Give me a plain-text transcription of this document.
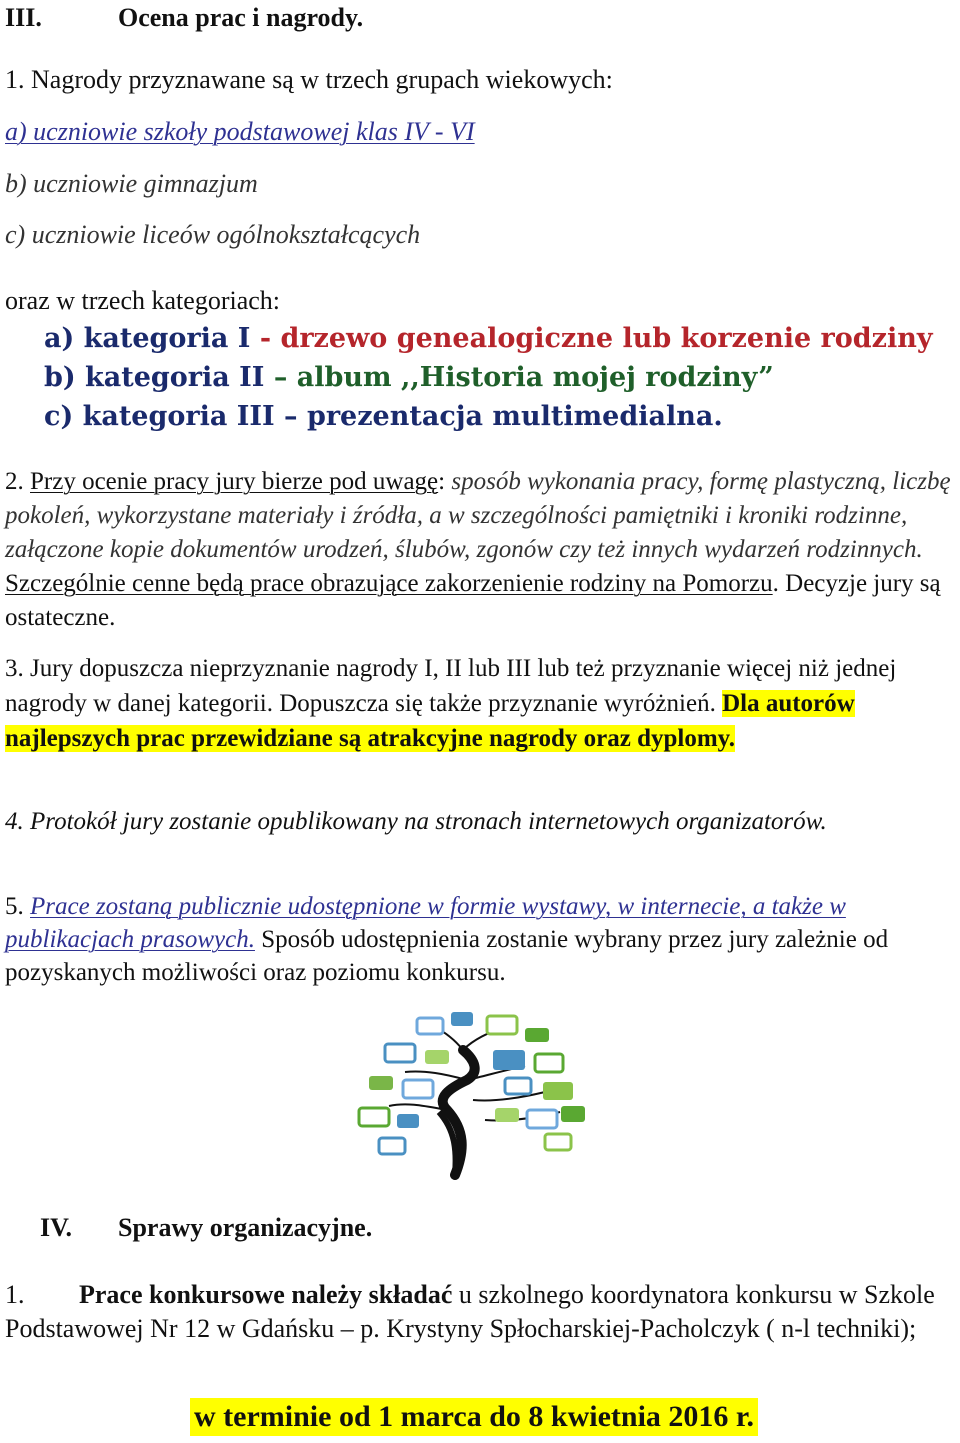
III.	Ocena prac i nagrody.
1. Nagrody przyznawane są w trzech grupach wiekowych:
a) uczniowie szkoły podstawowej klas IV - VI
b) uczniowie gimnazjum
c) uczniowie liceów ogólnokształcących
oraz w trzech kategoriach:
a) kategoria I - drzewo genealogiczne lub korzenie rodziny
b) kategoria II – album ,,Historia mojej rodziny”
c) kategoria III – prezentacja multimedialna.
2. Przy ocenie pracy jury bierze pod uwagę: sposób wykonania pracy, formę plastyczną, liczbę pokoleń, wykorzystane materiały i źródła, a w szczególności pamiętniki i kroniki rodzinne, załączone kopie dokumentów urodzeń, ślubów, zgonów czy też innych wydarzeń rodzinnych. Szczególnie cenne będą prace obrazujące zakorzenienie rodziny na Pomorzu. Decyzje jury są ostateczne.
3. Jury dopuszcza nieprzyznanie nagrody I, II lub III lub też przyznanie więcej niż jednej nagrody w danej kategorii. Dopuszcza się także przyznanie wyróżnień. Dla autorów najlepszych prac przewidziane są atrakcyjne nagrody oraz dyplomy.
4. Protokół jury zostanie opublikowany na stronach internetowych organizatorów.
5. Prace zostaną publicznie udostępnione w formie wystawy, w internecie, a także w publikacjach prasowych. Sposób udostępnienia zostanie wybrany przez jury zależnie od pozyskanych możliwości oraz poziomu konkursu.
IV. Sprawy organizacyjne.
1. Prace konkursowe należy składać u szkolnego koordynatora konkursu w Szkole Podstawowej Nr 12 w Gdańsku – p. Krystyny Spłocharskiej-Pacholczyk ( n-l techniki);
w terminie od 1 marca do 8 kwietnia 2016 r.
